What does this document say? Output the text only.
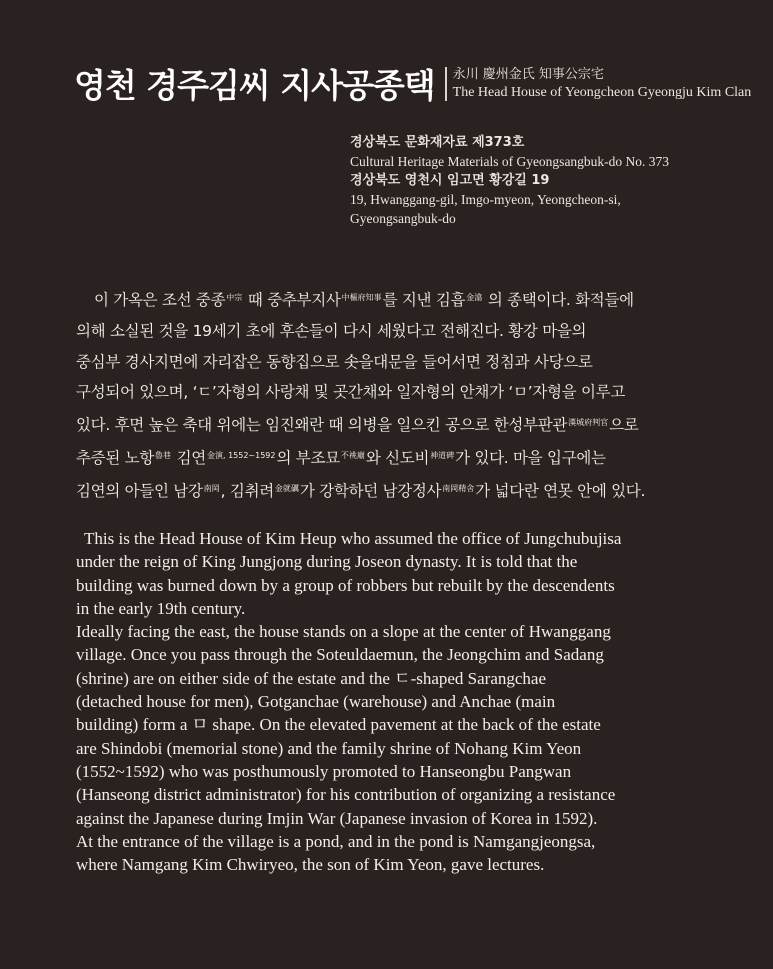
영천 경주김씨 지사공종택 永川 慶州金氏 知事公宗宅
The Head House of Yeongcheon Gyeongju Kim Clan
경상북도 문화재자료 제373호
Cultural Heritage Materials of Gyeongsangbuk-do No. 373
경상북도 영천시 임고면 황강길 19
19, Hwanggang-gil, Imgo-myeon, Yeongcheon-si,
Gyeongsangbuk-do
이 가옥은 조선 중종$^{中宗}$ 때 중추부지사$^{中樞府知事}$를 지낸 김흡$^{金潝}$ 의 종택이다. 화적들에
의해 소실된 것을 19세기 초에 후손들이 다시 세웠다고 전해진다. 황강 마을의
중심부 경사지면에 자리잡은 동향집으로 솟을대문을 들어서면 정침과 사당으로
구성되어 있으며, ‘ㄷ’자형의 사랑채 및 곳간채와 일자형의 안채가 ‘ㅁ’자형을 이루고
있다. 후면 높은 축대 위에는 임진왜란 때 의병을 일으킨 공으로 한성부판관$^{漢城府判官}$으로
추증된 노항$^{魯巷}$ 김연$^{金演, 1552\sim 1592}$의 부조묘$^{不祧廟}$와 신도비$^{神道碑}$가 있다. 마을 입구에는
김연의 아들인 남강$^{南岡}$, 김취려$^{金就礪}$가 강학하던 남강정사$^{南岡精舍}$가 넓다란 연못 안에 있다.
This is the Head House of Kim Heup who assumed the office of Jungchubujisa
under the reign of King Jungjong during Joseon dynasty. It is told that the
building was burned down by a group of robbers but rebuilt by the descendents
in the early 19th century.
Ideally facing the east, the house stands on a slope at the center of Hwanggang
village. Once you pass through the Soteuldaemun, the Jeongchim and Sadang
(shrine) are on either side of the estate and the ㄷ-shaped Sarangchae
(detached house for men), Gotganchae (warehouse) and Anchae (main
building) form a ㅁ shape. On the elevated pavement at the back of the estate
are Shindobi (memorial stone) and the family shrine of Nohang Kim Yeon
(1552~1592) who was posthumously promoted to Hanseongbu Pangwan
(Hanseong district administrator) for his contribution of organizing a resistance
against the Japanese during Imjin War (Japanese invasion of Korea in 1592).
At the entrance of the village is a pond, and in the pond is Namgangjeongsa,
where Namgang Kim Chwiryeo, the son of Kim Yeon, gave lectures.
